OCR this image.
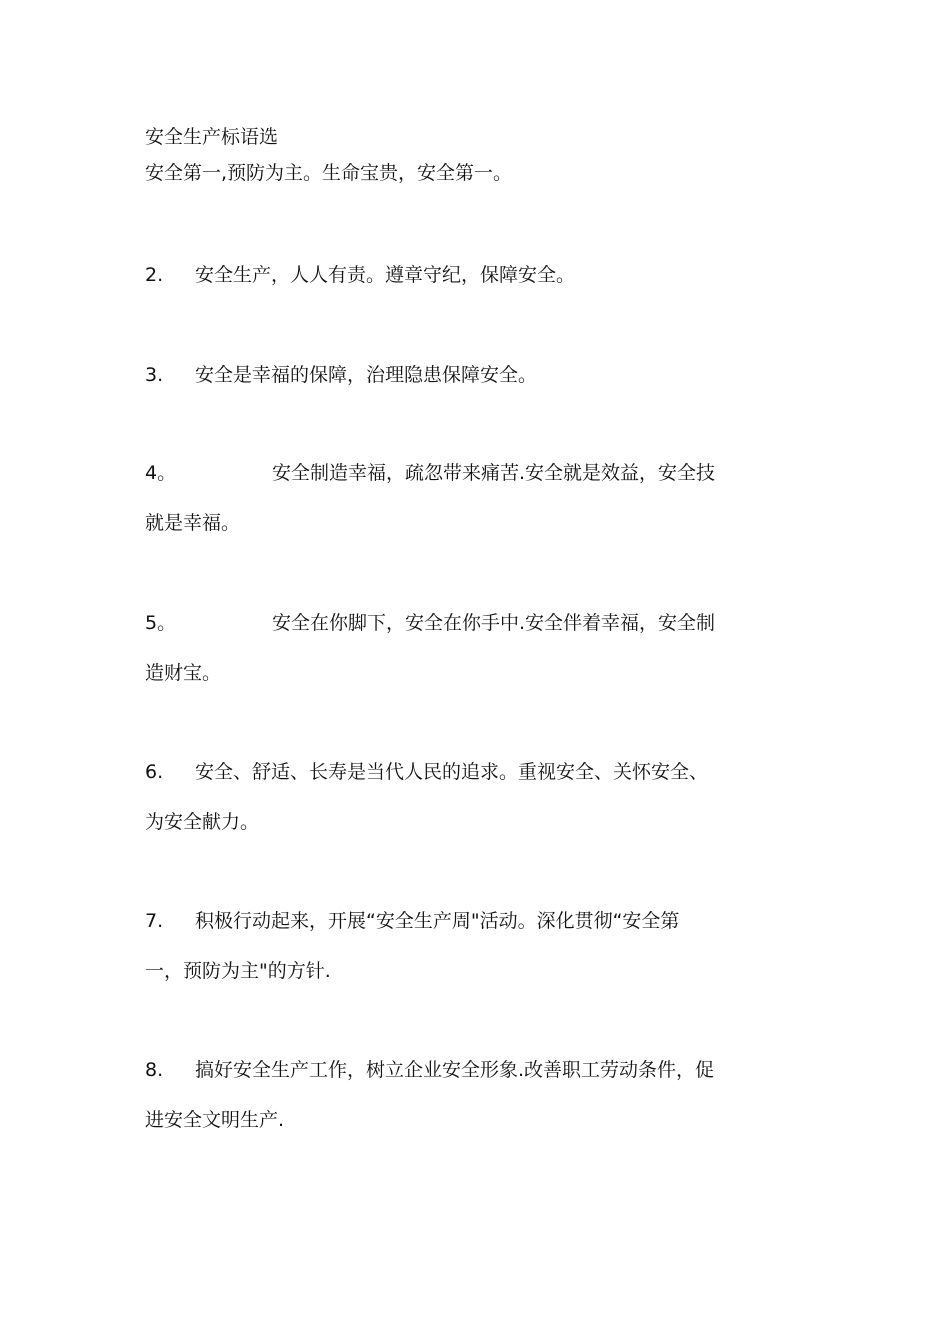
安全生产标语选
安全第一,预防为主。生命宝贵，安全第一。
2. 安全生产，人人有责。遵章守纪，保障安全。
3. 安全是幸福的保障，治理隐患保障安全。
4。	安全制造幸福，疏忽带来痛苦.安全就是效益，安全技
就是幸福。
5。	安全在你脚下，安全在你手中.安全伴着幸福，安全制
造财宝。
6. 安全、舒适、长寿是当代人民的追求。重视安全、关怀安全、
为安全献力。
7. 积极行动起来，开展“安全生产周"活动。深化贯彻“安全第
一，预防为主"的方针.
8. 搞好安全生产工作，树立企业安全形象.改善职工劳动条件，促
进安全文明生产.
